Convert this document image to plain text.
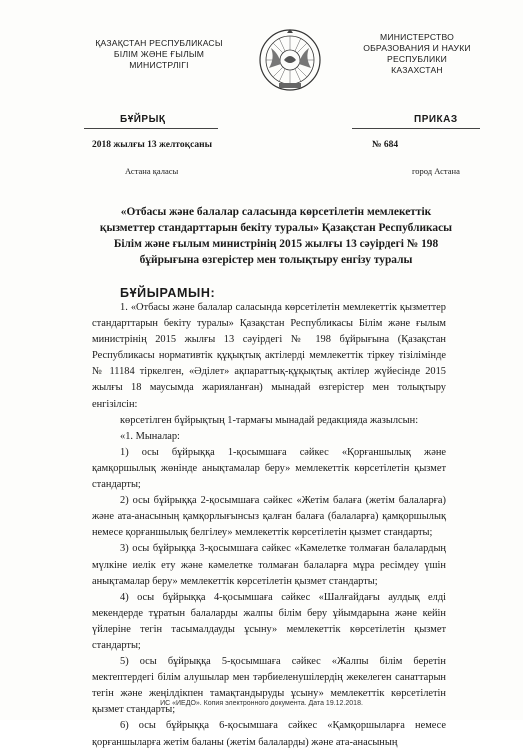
ҚАЗАҚСТАН РЕСПУБЛИКАСЫ
БІЛІМ ЖӘНЕ ҒЫЛЫМ
МИНИСТРЛІГІ
МИНИСТЕРСТВО
ОБРАЗОВАНИЯ И НАУКИ
РЕСПУБЛИКИ
КАЗАХСТАН
БҰЙРЫҚ	ПРИКАЗ
2018 жылғы 13 желтоқсаны	№ 684
Астана қаласы	город Астана
«Отбасы және балалар саласында көрсетілетін мемлекеттік қызметтер стандарттарын бекіту туралы» Қазақстан Республикасы Білім және ғылым министрінің 2015 жылғы 13 сәуірдегі № 198 бұйрығына өзгерістер мен толықтыру енгізу туралы
БҰЙЫРАМЫН:

1. «Отбасы және балалар саласында көрсетілетін мемлекеттік қызметтер стандарттарын бекіту туралы» Қазақстан Республикасы Білім және ғылым министрінің 2015 жылғы 13 сәуірдегі № 198 бұйрығына (Қазақстан Республикасы нормативтік құқықтық актілерді мемлекеттік тіркеу тізілімінде № 11184 тіркелген, «Әділет» ақпараттық-құқықтық актілер жүйесінде 2015 жылғы 18 маусымда жарияланған) мынадай өзгерістер мен толықтыру енгізілсін:

көрсетілген бұйрықтың 1-тармағы мынадай редакцияда жазылсын:

«1. Мыналар:

1) осы бұйрыққа 1-қосымшаға сәйкес «Қорғаншылық және қамқоршылық жөнінде анықтамалар беру» мемлекеттік көрсетілетін қызмет стандарты;

2) осы бұйрыққа 2-қосымшаға сәйкес «Жетім балаға (жетім балаларға) және ата-анасының қамқорлығынсыз қалған балаға (балаларға) қамқоршылық немесе қорғаншылық белгілеу» мемлекеттік көрсетілетін қызмет стандарты;

3) осы бұйрыққа 3-қосымшаға сәйкес «Кәмелетке толмаған балалардың мүлкіне иелік ету және кәмелетке толмаған балаларға мұра ресімдеу үшін анықтамалар беру» мемлекеттік көрсетілетін қызмет стандарты;

4) осы бұйрыққа 4-қосымшаға сәйкес «Шалғайдағы аулдық елді мекендерде тұратын балаларды жалпы білім беру ұйымдарына және кейін үйлеріне тегін тасымалдауды ұсыну» мемлекеттік көрсетілетін қызмет стандарты;

5) осы бұйрыққа 5-қосымшаға сәйкес «Жалпы білім беретін мектептердегі білім алушылар мен тәрбиеленушілердің жекелеген санаттарын тегін және жеңілдікпен тамақтандыруды ұсыну» мемлекеттік көрсетілетін қызмет стандарты;

6) осы бұйрыққа 6-қосымшаға сәйкес «Қамқоршыларға немесе қорғаншыларға жетім баланы (жетім балаларды) және ата-анасының

ИС «ИЕДО». Копия электронного документа. Дата 19.12.2018.
